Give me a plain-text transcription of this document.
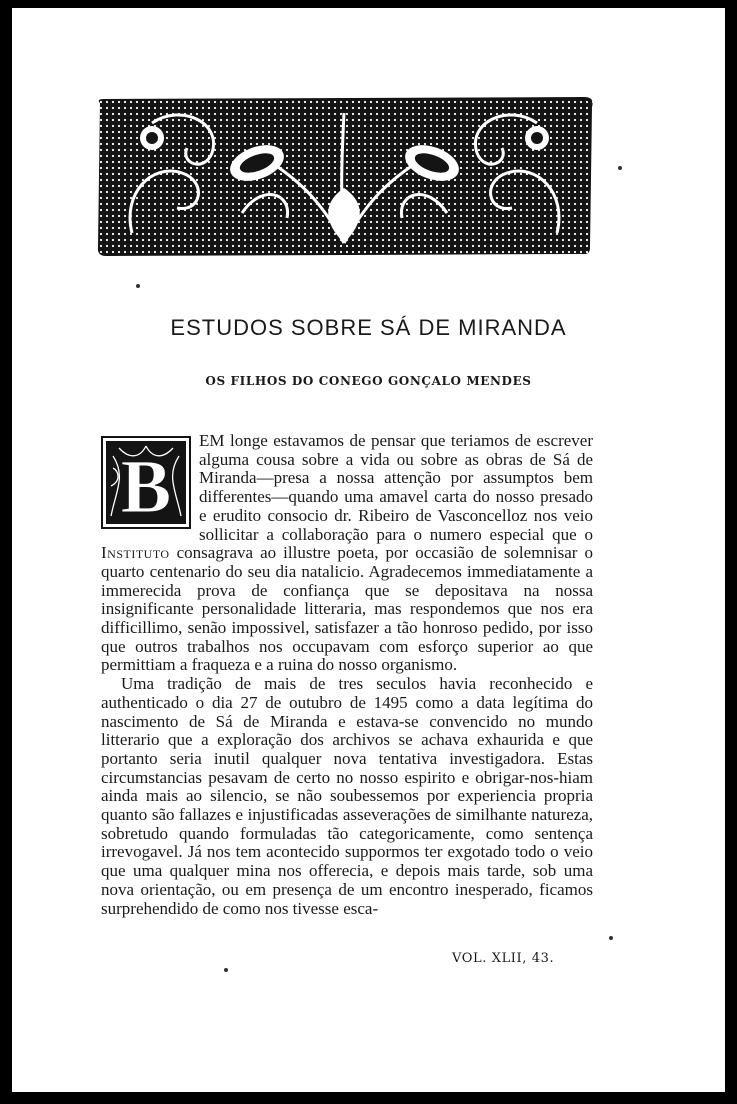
ESTUDOS SOBRE SÁ DE MIRANDA
OS FILHOS DO CONEGO GONÇALO MENDES
B

EM longe estavamos de pensar que teriamos de escrever alguma cousa sobre a vida ou sobre as obras de Sá de Miranda—presa a nossa attenção por assumptos bem differentes—quando uma amavel carta do nosso presado e erudito consocio dr. Ribeiro de Vasconcelloz nos veio sollicitar a collaboração para o numero especial que o Instituto consagrava ao illustre poeta, por occasião de solemnisar o quarto centenario do seu dia natalicio. Agradecemos immediatamente a immerecida prova de confiança que se depositava na nossa insignificante personalidade litteraria, mas respondemos que nos era difficillimo, senão impossivel, satisfazer a tão honroso pedido, por isso que outros trabalhos nos occupavam com esforço superior ao que permittiam a fraqueza e a ruina do nosso organismo.

Uma tradição de mais de tres seculos havia reconhecido e authenticado o dia 27 de outubro de 1495 como a data legítima do nascimento de Sá de Miranda e estava-se convencido no mundo litterario que a exploração dos archivos se achava exhaurida e que portanto seria inutil qualquer nova tentativa investigadora. Estas circumstancias pesavam de certo no nosso espirito e obrigar-nos-hiam ainda mais ao silencio, se não soubessemos por experiencia propria quanto são fallazes e injustificadas asseverações de similhante natureza, sobretudo quando formuladas tão categoricamente, como sentença irrevogavel. Já nos tem acontecido suppormos ter exgotado todo o veio que uma qualquer mina nos offerecia, e depois mais tarde, sob uma nova orientação, ou em presença de um encontro inesperado, ficamos surprehendido de como nos tivesse esca-

VOL. XLII, 43.
